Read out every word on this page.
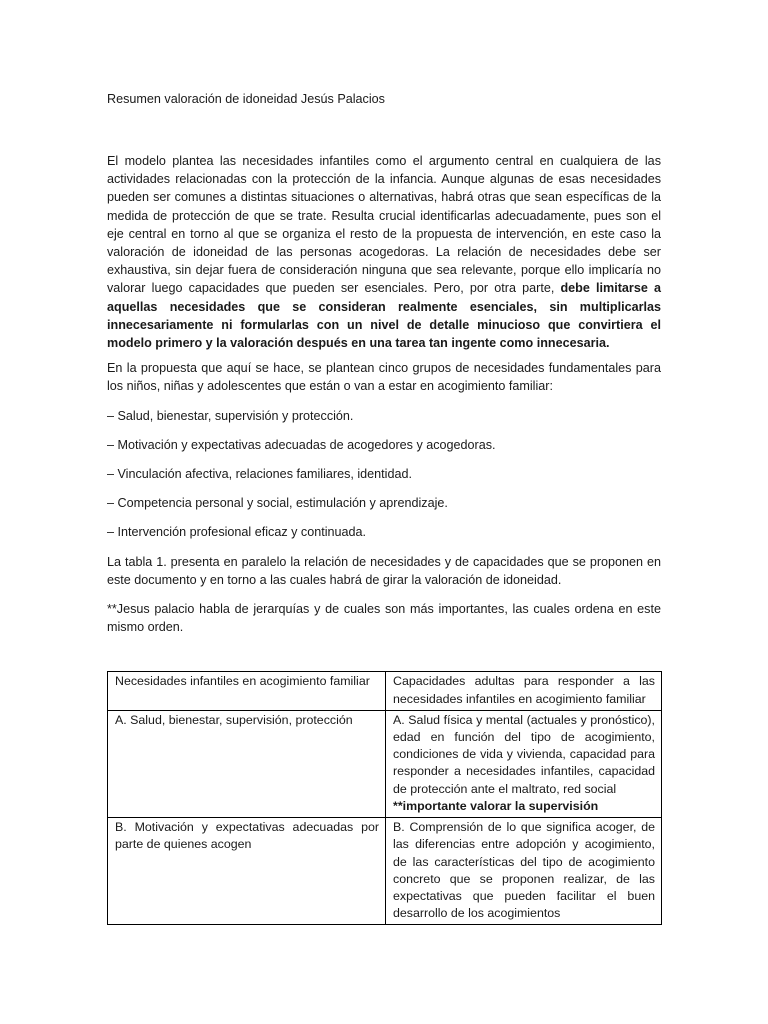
Resumen valoración de idoneidad Jesús Palacios

El modelo plantea las necesidades infantiles como el argumento central en cualquiera de las actividades relacionadas con la protección de la infancia. Aunque algunas de esas necesidades pueden ser comunes a distintas situaciones o alternativas, habrá otras que sean específicas de la medida de protección de que se trate. Resulta crucial identificarlas adecuadamente, pues son el eje central en torno al que se organiza el resto de la propuesta de intervención, en este caso la valoración de idoneidad de las personas acogedoras. La relación de necesidades debe ser exhaustiva, sin dejar fuera de consideración ninguna que sea relevante, porque ello implicaría no valorar luego capacidades que pueden ser esenciales. Pero, por otra parte, debe limitarse a aquellas necesidades que se consideran realmente esenciales, sin multiplicarlas innecesariamente ni formularlas con un nivel de detalle minucioso que convirtiera el modelo primero y la valoración después en una tarea tan ingente como innecesaria.

En la propuesta que aquí se hace, se plantean cinco grupos de necesidades fundamentales para los niños, niñas y adolescentes que están o van a estar en acogimiento familiar:

– Salud, bienestar, supervisión y protección.

– Motivación y expectativas adecuadas de acogedores y acogedoras.

– Vinculación afectiva, relaciones familiares, identidad.

– Competencia personal y social, estimulación y aprendizaje.

– Intervención profesional eficaz y continuada.

La tabla 1. presenta en paralelo la relación de necesidades y de capacidades que se proponen en este documento y en torno a las cuales habrá de girar la valoración de idoneidad.

**Jesus palacio habla de jerarquías y de cuales son más importantes, las cuales ordena en este mismo orden.

Necesidades infantiles en acogimiento familiar	Capacidades adultas para responder a las necesidades infantiles en acogimiento familiar
A. Salud, bienestar, supervisión, protección	A. Salud física y mental (actuales y pronóstico), edad en función del tipo de acogimiento, condiciones de vida y vivienda, capacidad para responder a necesidades infantiles, capacidad de protección ante el maltrato, red social
**importante valorar la supervisión
B. Motivación y expectativas adecuadas por parte de quienes acogen	B. Comprensión de lo que significa acoger, de las diferencias entre adopción y acogimiento, de las características del tipo de acogimiento concreto que se proponen realizar, de las expectativas que pueden facilitar el buen desarrollo de los acogimientos
